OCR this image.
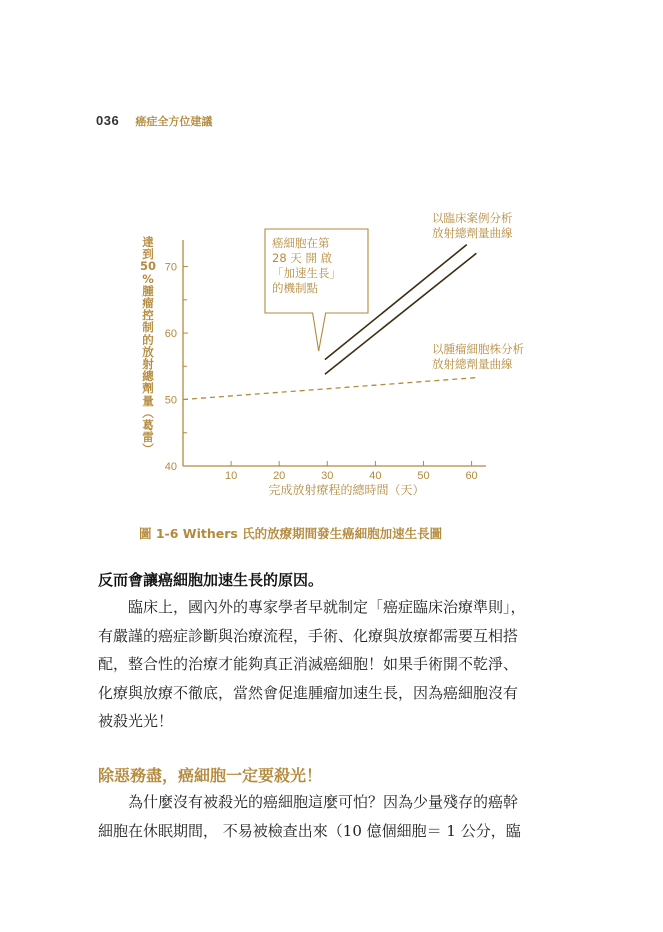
036 癌症全方位建議
40
50
60
70
10	20	30	40	50	60
完成放射療程的總時間（天）
達
到
50
%
腫
瘤
控
制
的
放
射
總
劑
量
︵
葛
雷
︶
癌細胞在第
28 天 開 啟
「加速生長」
的機制點
以臨床案例分析
放射總劑量曲線
以腫瘤細胞株分析
放射總劑量曲線
圖 1-6 Withers 氏的放療期間發生癌細胞加速生長圖
反而會讓癌細胞加速生長的原因。
臨床上，國內外的專家學者早就制定「癌症臨床治療準則」，
有嚴謹的癌症診斷與治療流程，手術、化療與放療都需要互相搭
配，整合性的治療才能夠真正消滅癌細胞！如果手術開不乾淨、
化療與放療不徹底，當然會促進腫瘤加速生長，因為癌細胞沒有
被殺光光！
除惡務盡，癌細胞一定要殺光！
為什麼沒有被殺光的癌細胞這麼可怕？因為少量殘存的癌幹
細胞在休眠期間， 不易被檢查出來（10 億個細胞＝ 1 公分，臨
